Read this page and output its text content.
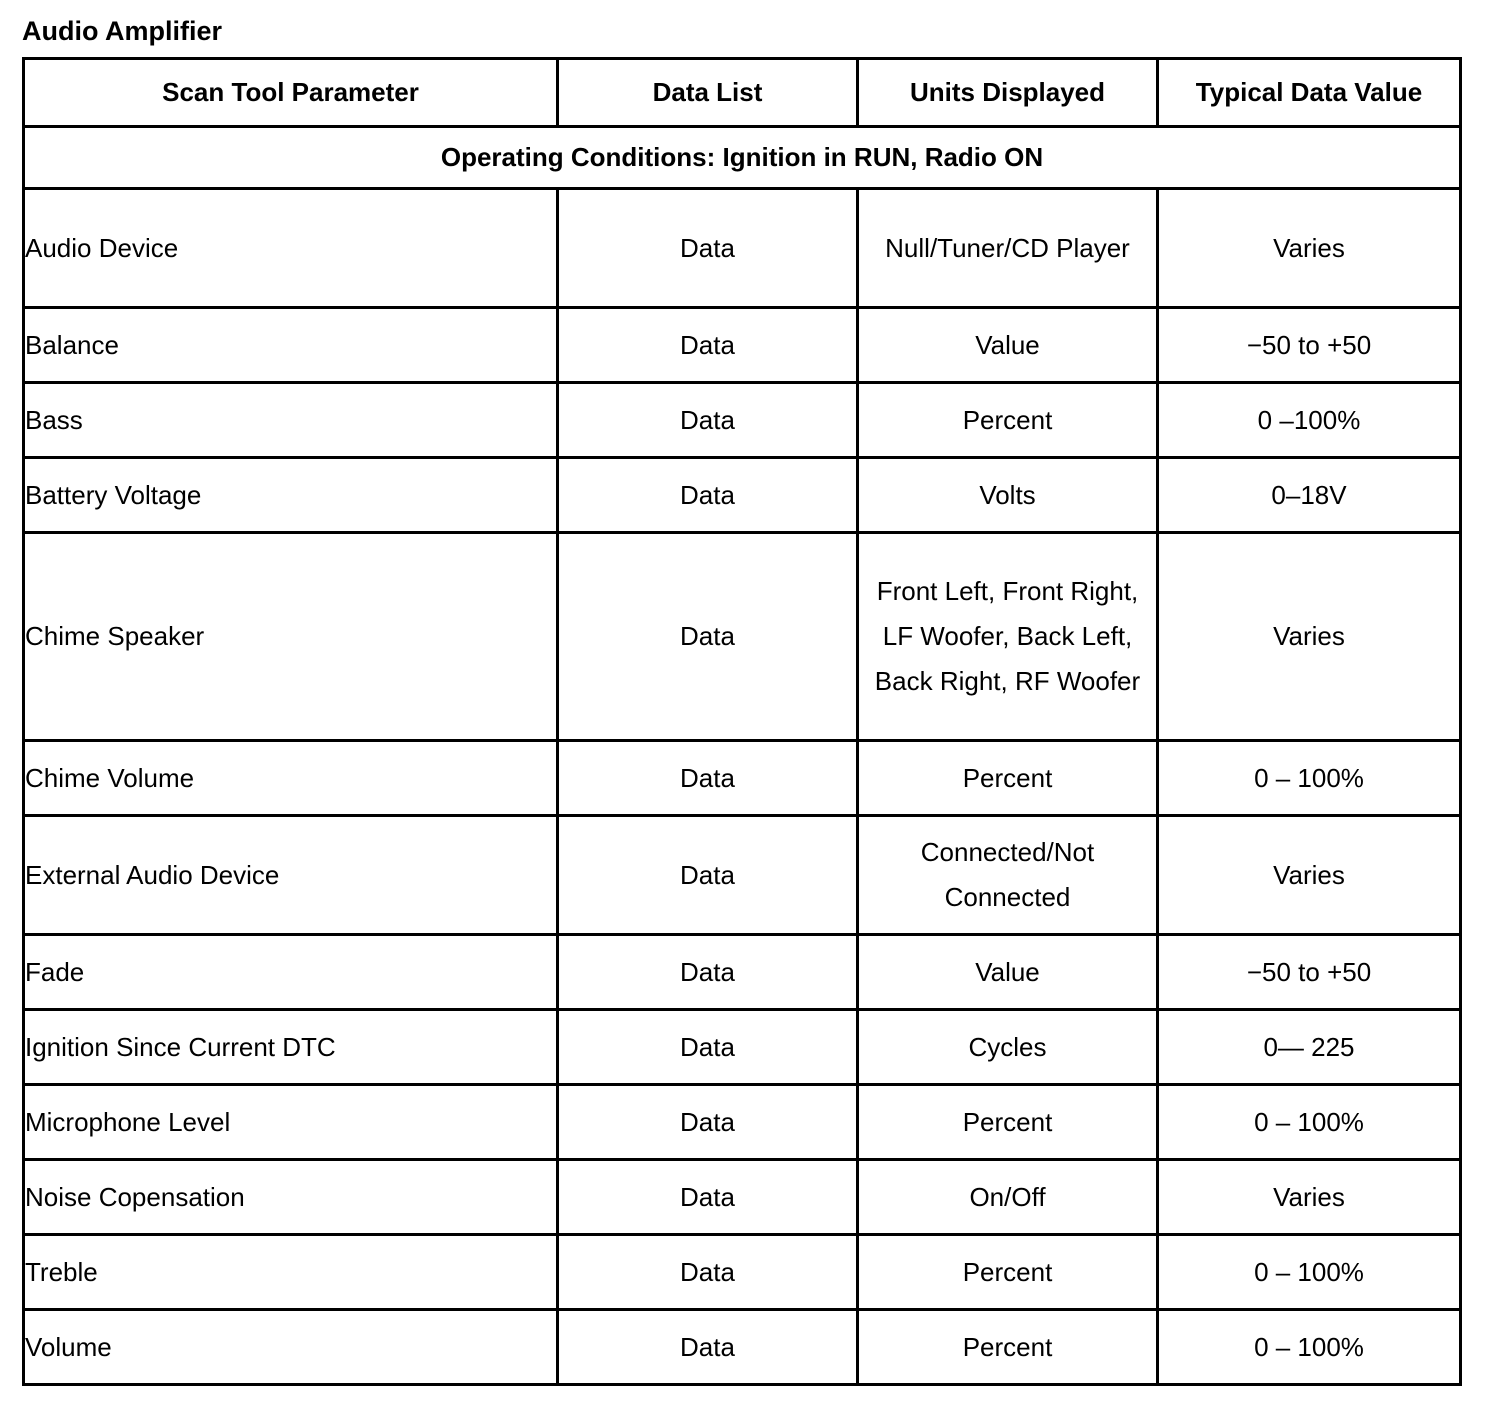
Audio Amplifier
Scan Tool Parameter	Data List	Units Displayed	Typical Data Value
Operating Conditions: Ignition in RUN, Radio ON			
Audio Device	Data	Null/Tuner/CD Player	Varies
Balance	Data	Value	−50 to +50
Bass	Data	Percent	0 –100%
Battery Voltage	Data	Volts	0–18V
Chime Speaker	Data	Front Left, Front Right, LF Woofer, Back Left, Back Right, RF Woofer	Varies
Chime Volume	Data	Percent	0 – 100%
External Audio Device	Data	Connected/Not Connected	Varies
Fade	Data	Value	−50 to +50
Ignition Since Current DTC	Data	Cycles	0— 225
Microphone Level	Data	Percent	0 – 100%
Noise Copensation	Data	On/Off	Varies
Treble	Data	Percent	0 – 100%
Volume	Data	Percent	0 – 100%
